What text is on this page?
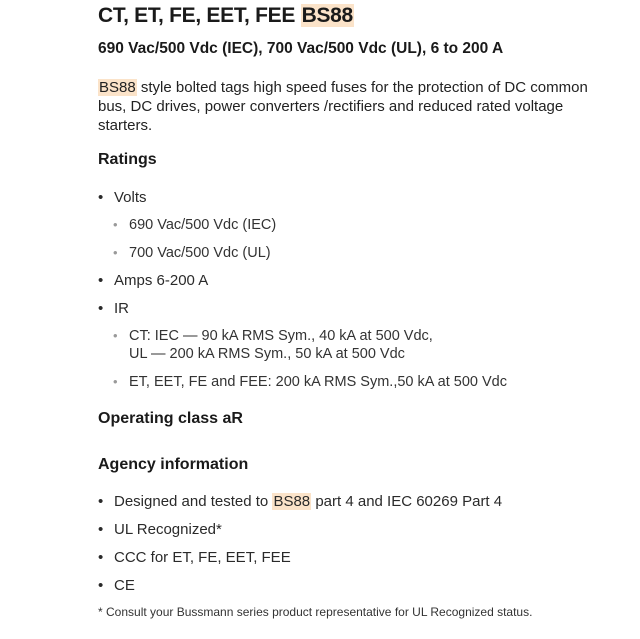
CT, ET, FE, EET, FEE BS88
690 Vac/500 Vdc (IEC), 700 Vac/500 Vdc (UL), 6 to 200 A
BS88 style bolted tags high speed fuses for the protection of DC common bus, DC drives, power converters /rectifiers and reduced rated voltage starters.
Ratings
• Volts
• 690 Vac/500 Vdc (IEC)
• 700 Vac/500 Vdc (UL)
• Amps 6-200 A
• IR
• CT: IEC — 90 kA RMS Sym., 40 kA at 500 Vdc,
UL — 200 kA RMS Sym., 50 kA at 500 Vdc
• ET, EET, FE and FEE: 200 kA RMS Sym.,50 kA at 500 Vdc
Operating class aR
Agency information
• Designed and tested to BS88 part 4 and IEC 60269 Part 4
• UL Recognized*
• CCC for ET, FE, EET, FEE
• CE
* Consult your Bussmann series product representative for UL Recognized status.
